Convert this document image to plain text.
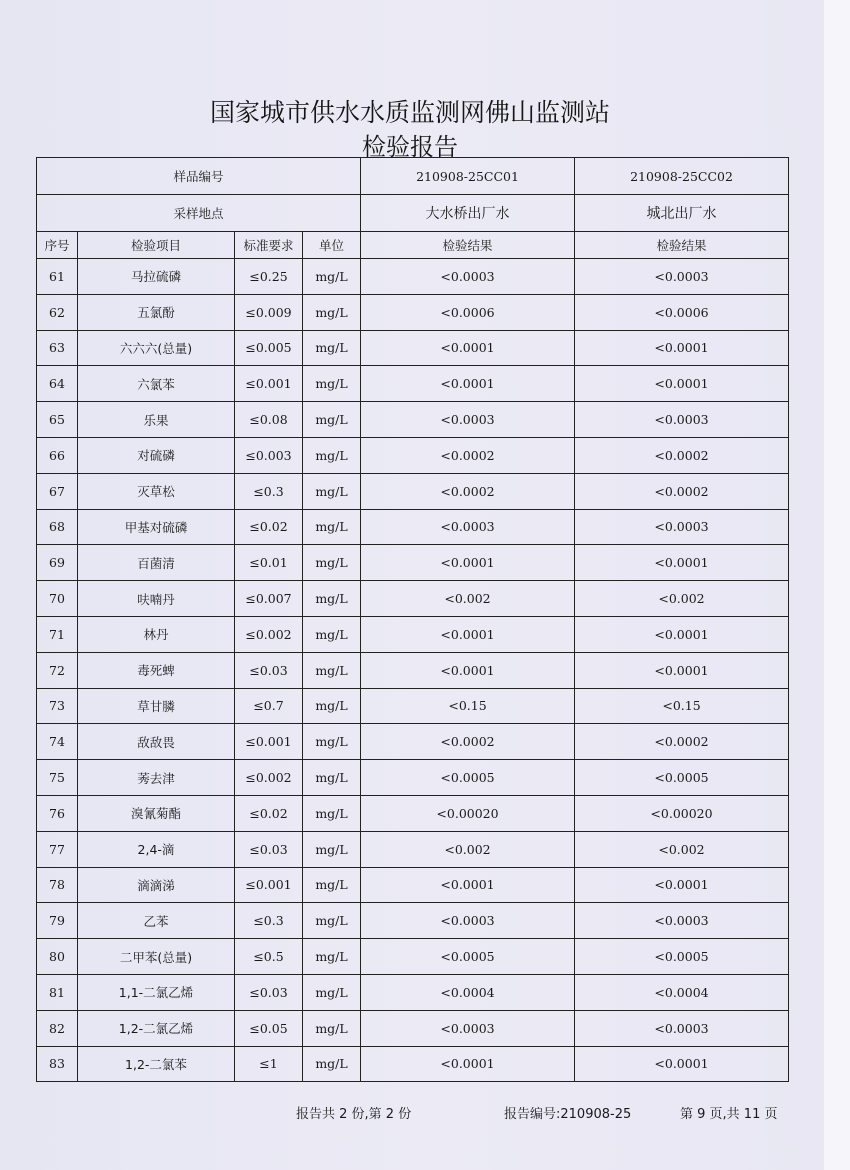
国家城市供水水质监测网佛山监测站
检验报告
样品编号				210908-25CC01	210908-25CC02
采样地点				大水桥出厂水	城北出厂水
序号	检验项目	标准要求	单位	检验结果	检验结果
61	马拉硫磷	≤0.25	mg/L	<0.0003	<0.0003
62	五氯酚	≤0.009	mg/L	<0.0006	<0.0006
63	六六六(总量)	≤0.005	mg/L	<0.0001	<0.0001
64	六氯苯	≤0.001	mg/L	<0.0001	<0.0001
65	乐果	≤0.08	mg/L	<0.0003	<0.0003
66	对硫磷	≤0.003	mg/L	<0.0002	<0.0002
67	灭草松	≤0.3	mg/L	<0.0002	<0.0002
68	甲基对硫磷	≤0.02	mg/L	<0.0003	<0.0003
69	百菌清	≤0.01	mg/L	<0.0001	<0.0001
70	呋喃丹	≤0.007	mg/L	<0.002	<0.002
71	林丹	≤0.002	mg/L	<0.0001	<0.0001
72	毒死蜱	≤0.03	mg/L	<0.0001	<0.0001
73	草甘膦	≤0.7	mg/L	<0.15	<0.15
74	敌敌畏	≤0.001	mg/L	<0.0002	<0.0002
75	莠去津	≤0.002	mg/L	<0.0005	<0.0005
76	溴氰菊酯	≤0.02	mg/L	<0.00020	<0.00020
77	2,4-滴	≤0.03	mg/L	<0.002	<0.002
78	滴滴涕	≤0.001	mg/L	<0.0001	<0.0001
79	乙苯	≤0.3	mg/L	<0.0003	<0.0003
80	二甲苯(总量)	≤0.5	mg/L	<0.0005	<0.0005
81	1,1-二氯乙烯	≤0.03	mg/L	<0.0004	<0.0004
82	1,2-二氯乙烯	≤0.05	mg/L	<0.0003	<0.0003
83	1,2-二氯苯	≤1	mg/L	<0.0001	<0.0001
报告共 2 份,第 2 份	报告编号:210908-25	第 9 页,共 11 页
